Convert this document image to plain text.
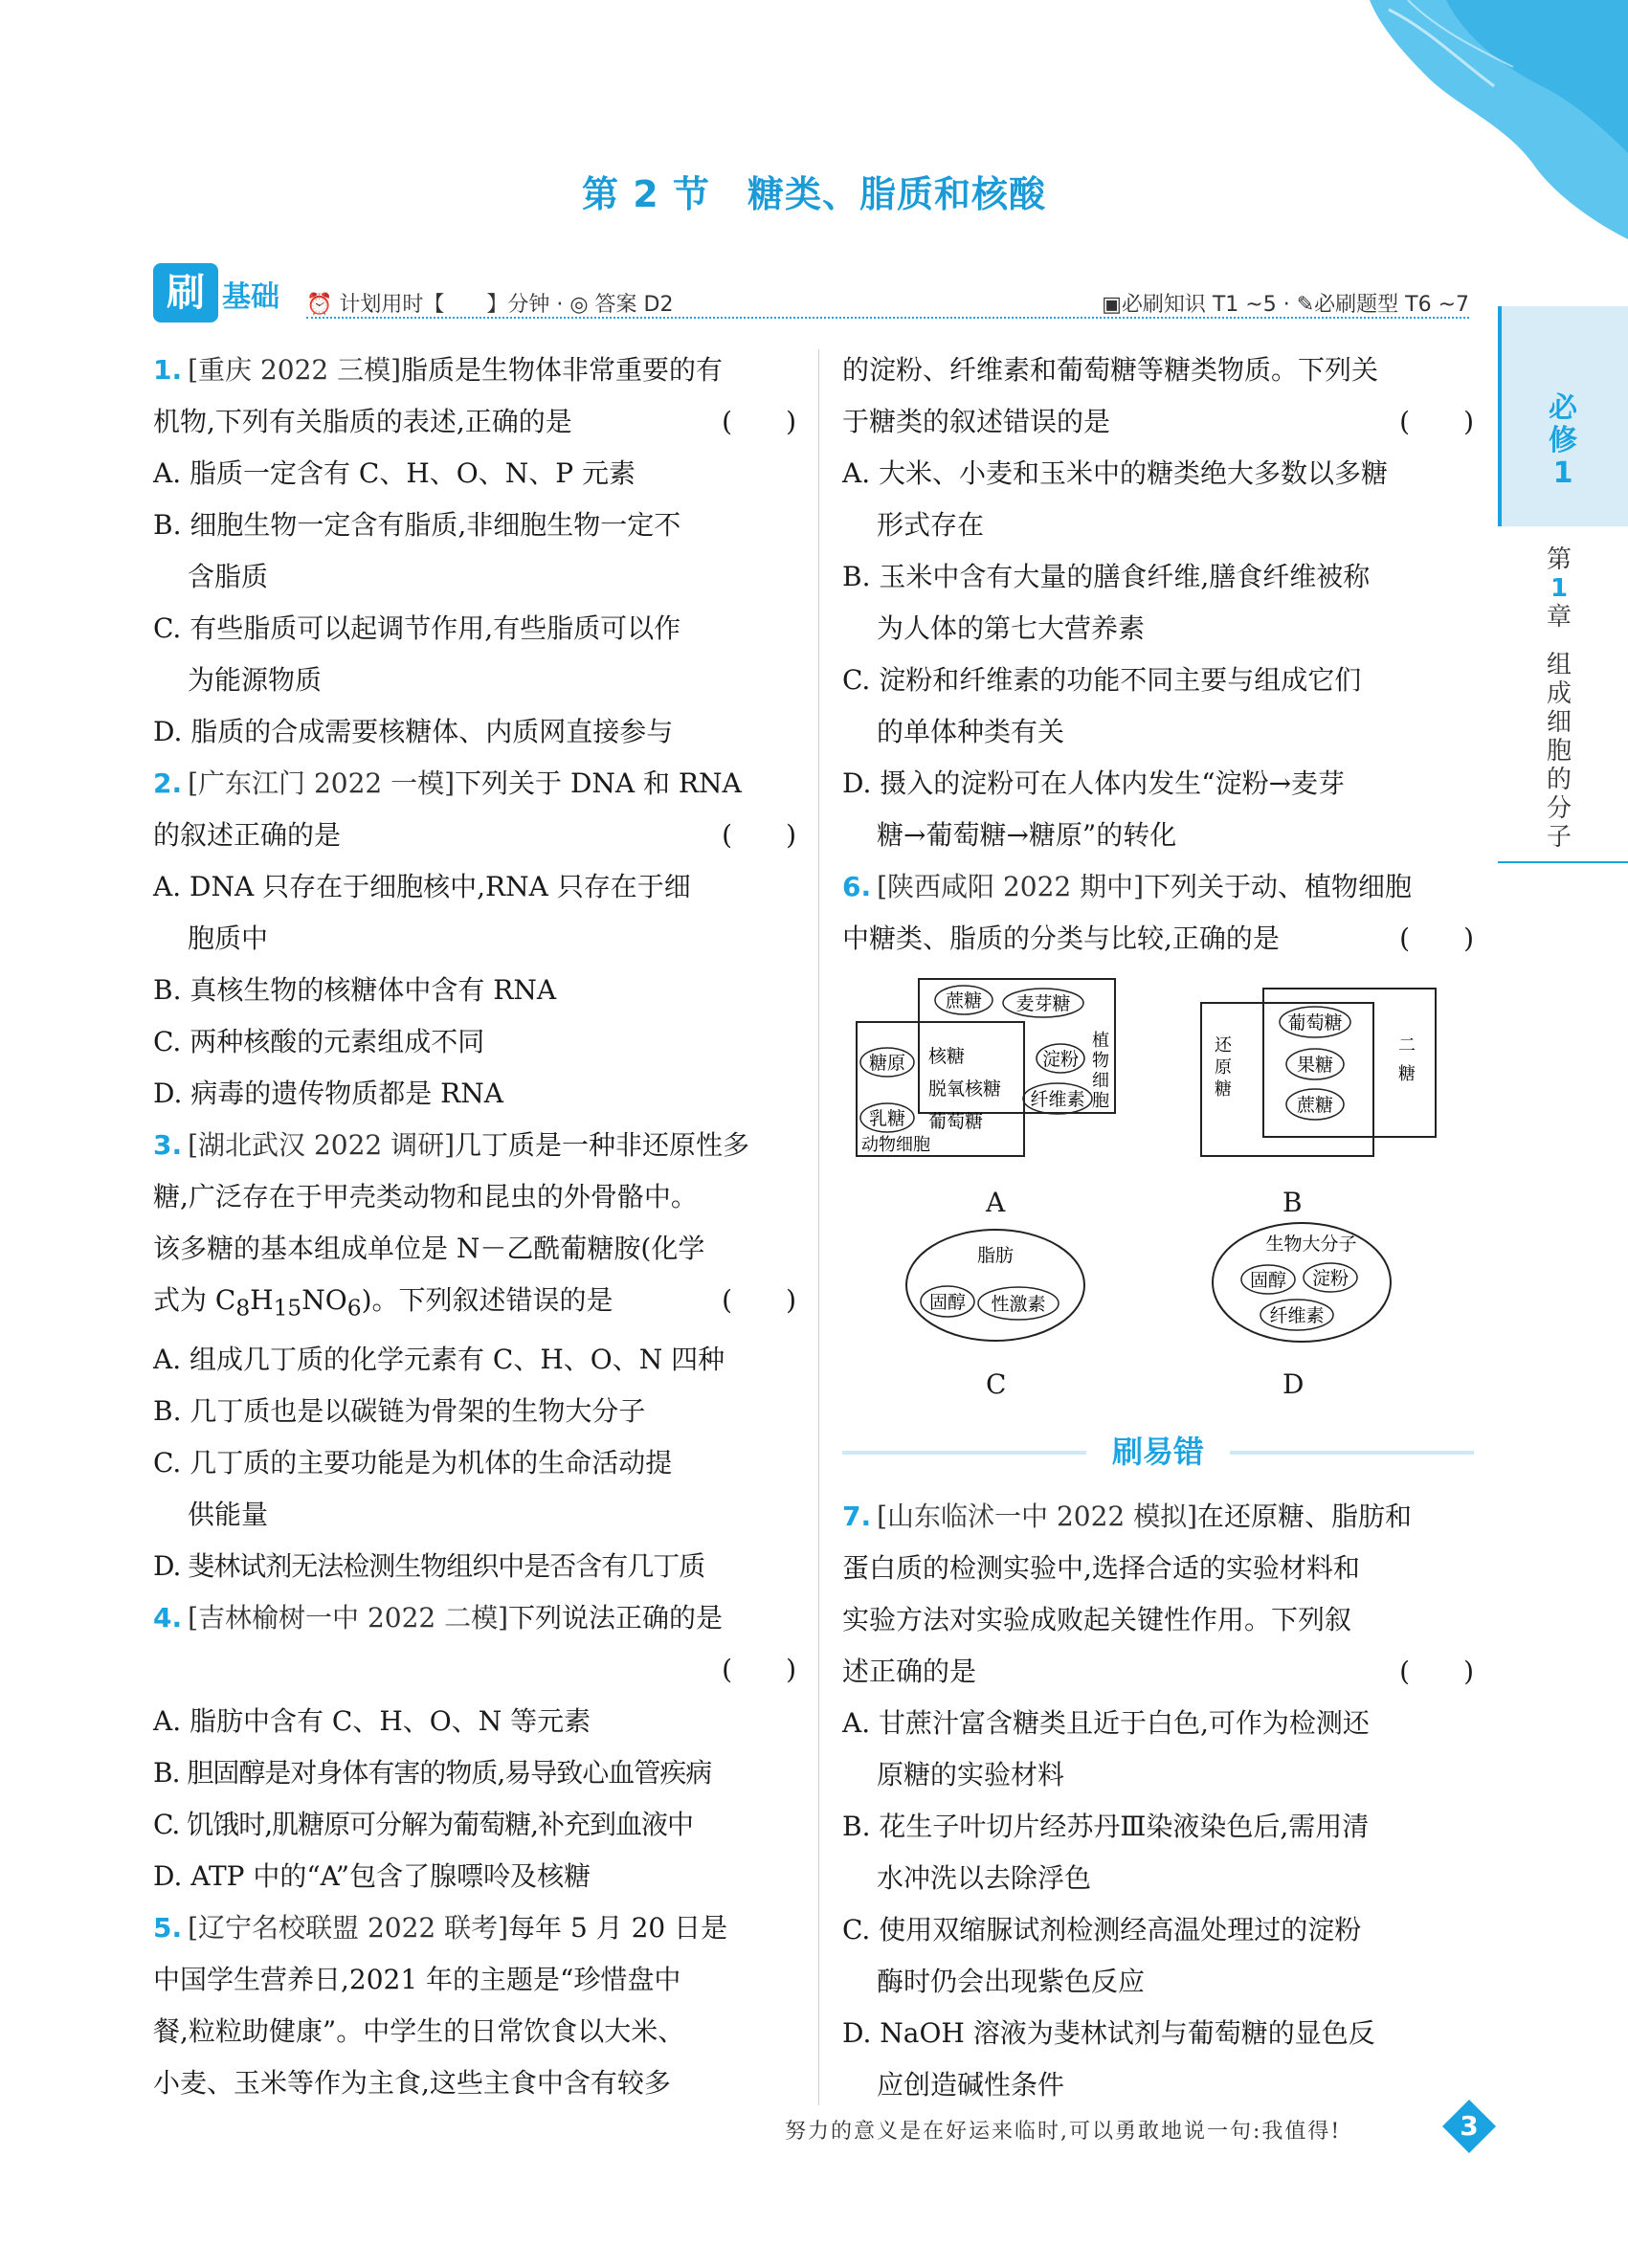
第 2 节　糖类、脂质和核酸
刷 基础 ⏰ 计划用时【　　】分钟 · ◎ 答案 D2	▣必刷知识 T1 ~5 · ✎必刷题型 T6 ~7
必
修
1
第
1
章
组
成
细
胞
的
分
子
1. [重庆 2022 三模]脂质是生物体非常重要的有
机物,下列有关脂质的表述,正确的是	(　　)
A. 脂质一定含有 C、H、O、N、P 元素
B. 细胞生物一定含有脂质,非细胞生物一定不
含脂质
C. 有些脂质可以起调节作用,有些脂质可以作
为能源物质
D. 脂质的合成需要核糖体、内质网直接参与
2. [广东江门 2022 一模]下列关于 DNA 和 RNA
的叙述正确的是	(　　)
A. DNA 只存在于细胞核中,RNA 只存在于细
胞质中
B. 真核生物的核糖体中含有 RNA
C. 两种核酸的元素组成不同
D. 病毒的遗传物质都是 RNA
3. [湖北武汉 2022 调研]几丁质是一种非还原性多
糖,广泛存在于甲壳类动物和昆虫的外骨骼中。
该多糖的基本组成单位是 N－乙酰葡糖胺(化学
式为 $C_8H_{15}NO_6$)。下列叙述错误的是	(　　)
A. 组成几丁质的化学元素有 C、H、O、N 四种
B. 几丁质也是以碳链为骨架的生物大分子
C. 几丁质的主要功能是为机体的生命活动提
供能量
D. 斐林试剂无法检测生物组织中是否含有几丁质
4. [吉林榆树一中 2022 二模]下列说法正确的是
(　　)

A. 脂肪中含有 C、H、O、N 等元素
B. 胆固醇是对身体有害的物质,易导致心血管疾病
C. 饥饿时,肌糖原可分解为葡萄糖,补充到血液中
D. ATP 中的“A”包含了腺嘌呤及核糖
5. [辽宁名校联盟 2022 联考]每年 5 月 20 日是
中国学生营养日,2021 年的主题是“珍惜盘中
餐,粒粒助健康”。中学生的日常饮食以大米、
小麦、玉米等作为主食,这些主食中含有较多
的淀粉、纤维素和葡萄糖等糖类物质。下列关
于糖类的叙述错误的是	(　　)
A. 大米、小麦和玉米中的糖类绝大多数以多糖
形式存在
B. 玉米中含有大量的膳食纤维,膳食纤维被称
为人体的第七大营养素
C. 淀粉和纤维素的功能不同主要与组成它们
的单体种类有关
D. 摄入的淀粉可在人体内发生“淀粉→麦芽
糖→葡萄糖→糖原”的转化
6. [陕西咸阳 2022 期中]下列关于动、植物细胞
中糖类、脂质的分类与比较,正确的是	(　　)
蔗糖 麦芽糖
糖原 核糖
脱氧核糖
葡萄糖
淀粉
纤维素
乳糖
植
物
细
胞
动物细胞
A
还
原
糖
二
糖
葡萄糖
果糖
蔗糖
B
脂肪
固醇 性激素
C
生物大分子
固醇 淀粉
纤维素
D
刷易错
7. [山东临沭一中 2022 模拟]在还原糖、脂肪和
蛋白质的检测实验中,选择合适的实验材料和
实验方法对实验成败起关键性作用。下列叙
述正确的是	(　　)
A. 甘蔗汁富含糖类且近于白色,可作为检测还
原糖的实验材料
B. 花生子叶切片经苏丹Ⅲ染液染色后,需用清
水冲洗以去除浮色
C. 使用双缩脲试剂检测经高温处理过的淀粉
酶时仍会出现紫色反应
D. NaOH 溶液为斐林试剂与葡萄糖的显色反
应创造碱性条件
努力的意义是在好运来临时,可以勇敢地说一句:我值得!	3
